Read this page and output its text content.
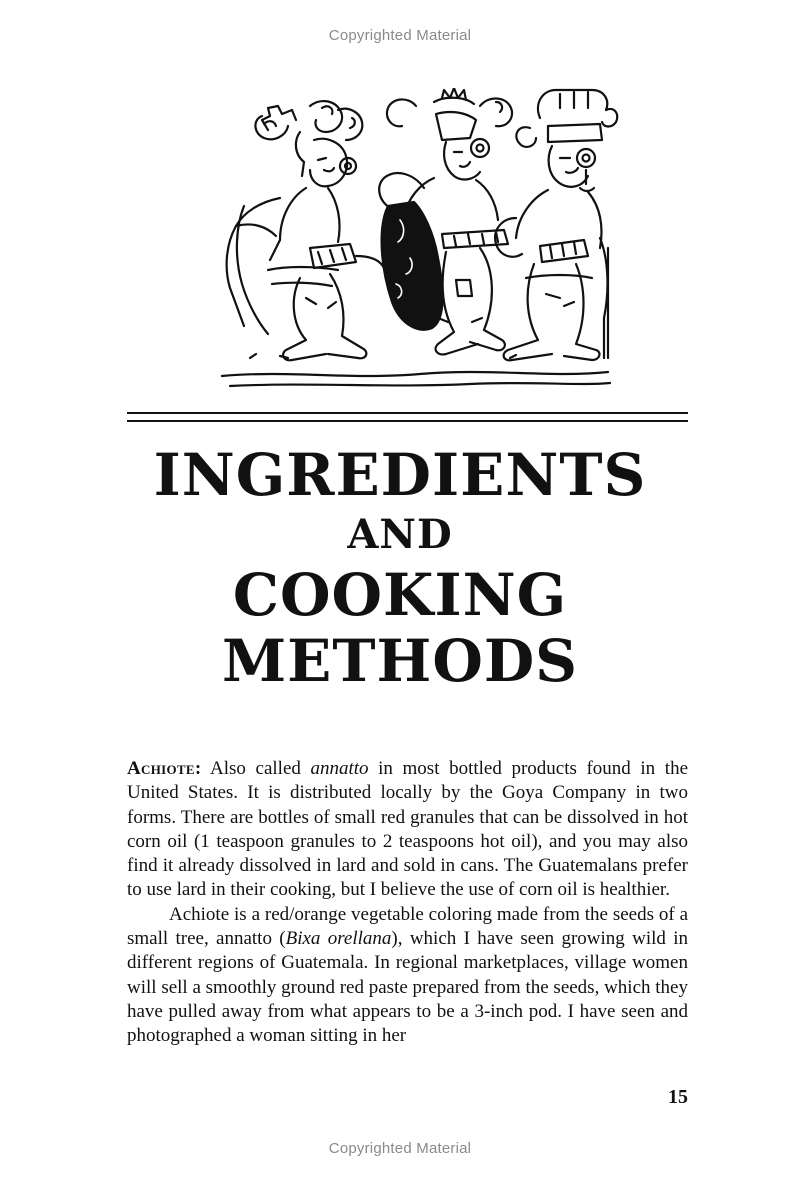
Copyrighted Material
INGREDIENTS
AND
COOKING
METHODS

Achiote: Also called annatto in most bottled products found in the United States. It is distributed locally by the Goya Company in two forms. There are bottles of small red granules that can be dissolved in hot corn oil (1 teaspoon granules to 2 teaspoons hot oil), and you may also find it already dissolved in lard and sold in cans. The Guatemalans prefer to use lard in their cooking, but I believe the use of corn oil is healthier.

Achiote is a red/orange vegetable coloring made from the seeds of a small tree, annatto (Bixa orellana), which I have seen growing wild in different regions of Guatemala. In regional marketplaces, village women will sell a smoothly ground red paste prepared from the seeds, which they have pulled away from what appears to be a 3-inch pod. I have seen and photographed a woman sitting in her

15
Copyrighted Material
